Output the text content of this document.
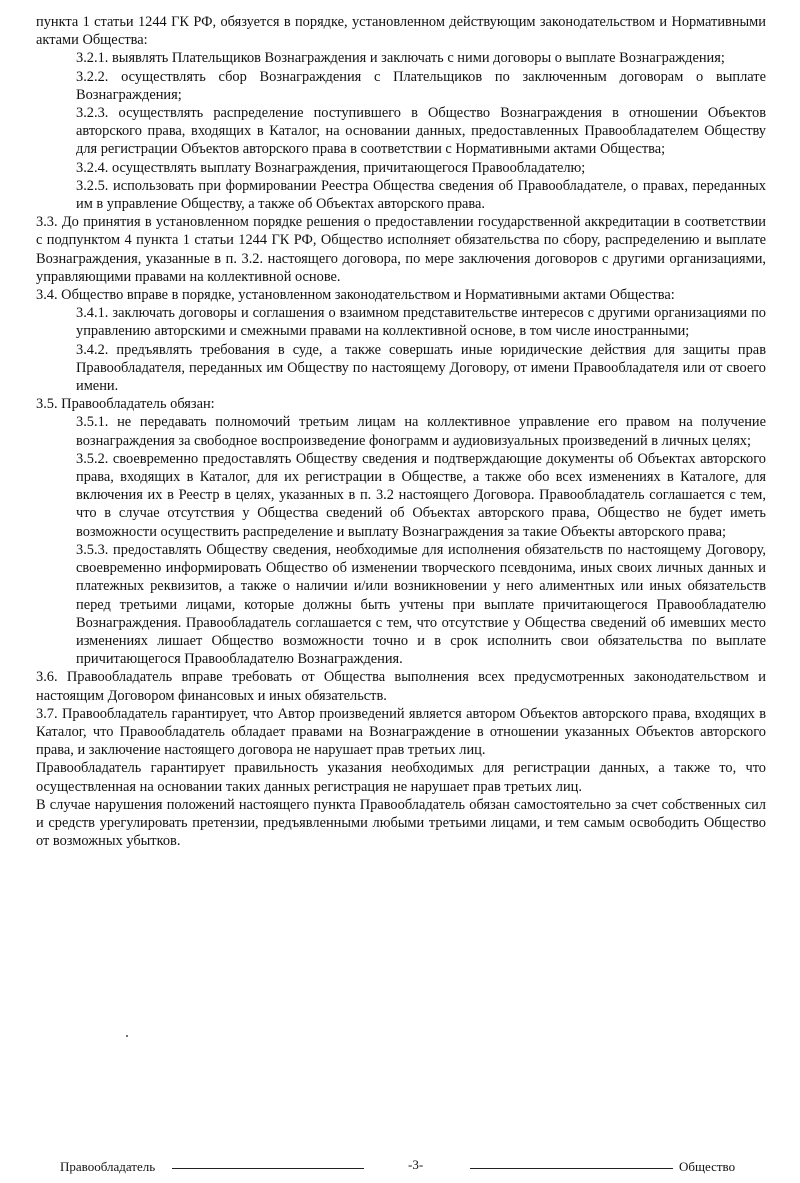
пункта 1 статьи 1244 ГК РФ, обязуется в порядке, установленном действующим законодательством и Нормативными актами Общества:

3.2.1. выявлять Плательщиков Вознаграждения и заключать с ними договоры о выплате Вознаграждения;

3.2.2. осуществлять сбор Вознаграждения с Плательщиков по заключенным договорам о выплате Вознаграждения;

3.2.3. осуществлять распределение поступившего в Общество Вознаграждения в отношении Объектов авторского права, входящих в Каталог, на основании данных, предоставленных Правообладателем Обществу для регистрации Объектов авторского права в соответствии с Нормативными актами Общества;

3.2.4. осуществлять выплату Вознаграждения, причитающегося Правообладателю;

3.2.5. использовать при формировании Реестра Общества сведения об Правообладателе, о правах, переданных им в управление Обществу, а также об Объектах авторского права.

3.3. До принятия в установленном порядке решения о предоставлении государственной аккредитации в соответствии с подпунктом 4 пункта 1 статьи 1244 ГК РФ, Общество исполняет обязательства по сбору, распределению и выплате Вознаграждения, указанные в п. 3.2. настоящего договора, по мере заключения договоров с другими организациями, управляющими правами на коллективной основе.

3.4. Общество вправе в порядке, установленном законодательством и Нормативными актами Общества:

3.4.1. заключать договоры и соглашения о взаимном представительстве интересов с другими организациями по управлению авторскими и смежными правами на коллективной основе, в том числе иностранными;

3.4.2. предъявлять требования в суде, а также совершать иные юридические действия для защиты прав Правообладателя, переданных им Обществу по настоящему Договору, от имени Правообладателя или от своего имени.

3.5. Правообладатель обязан:

3.5.1. не передавать полномочий третьим лицам на коллективное управление его правом на получение вознаграждения за свободное воспроизведение фонограмм и аудиовизуальных произведений в личных целях;

3.5.2. своевременно предоставлять Обществу сведения и подтверждающие документы об Объектах авторского права, входящих в Каталог, для их регистрации в Обществе, а также обо всех изменениях в Каталоге, для включения их в Реестр в целях, указанных в п. 3.2 настоящего Договора. Правообладатель соглашается с тем, что в случае отсутствия у Общества сведений об Объектах авторского права, Общество не будет иметь возможности осуществить распределение и выплату Вознаграждения за такие Объекты авторского права;

3.5.3. предоставлять Обществу сведения, необходимые для исполнения обязательств по настоящему Договору, своевременно информировать Общество об изменении творческого псевдонима, иных своих личных данных и платежных реквизитов, а также о наличии и/или возникновении у него алиментных или иных обязательств перед третьими лицами, которые должны быть учтены при выплате причитающегося Правообладателю Вознаграждения. Правообладатель соглашается с тем, что отсутствие у Общества сведений об имевших место изменениях лишает Общество возможности точно и в срок исполнить свои обязательства по выплате причитающегося Правообладателю Вознаграждения.

3.6. Правообладатель вправе требовать от Общества выполнения всех предусмотренных законодательством и настоящим Договором финансовых и иных обязательств.

3.7. Правообладатель гарантирует, что Автор произведений является автором Объектов авторского права, входящих в Каталог, что Правообладатель обладает правами на Вознаграждение в отношении указанных Объектов авторского права, и заключение настоящего договора не нарушает прав третьих лиц.

Правообладатель гарантирует правильность указания необходимых для регистрации данных, а также то, что осуществленная на основании таких данных регистрация не нарушает прав третьих лиц.

В случае нарушения положений настоящего пункта Правообладатель обязан самостоятельно за счет собственных сил и средств урегулировать претензии, предъявленными любыми третьими лицами, и тем самым освободить Общество от возможных убытков.

Правообладатель	-3-	Общество
